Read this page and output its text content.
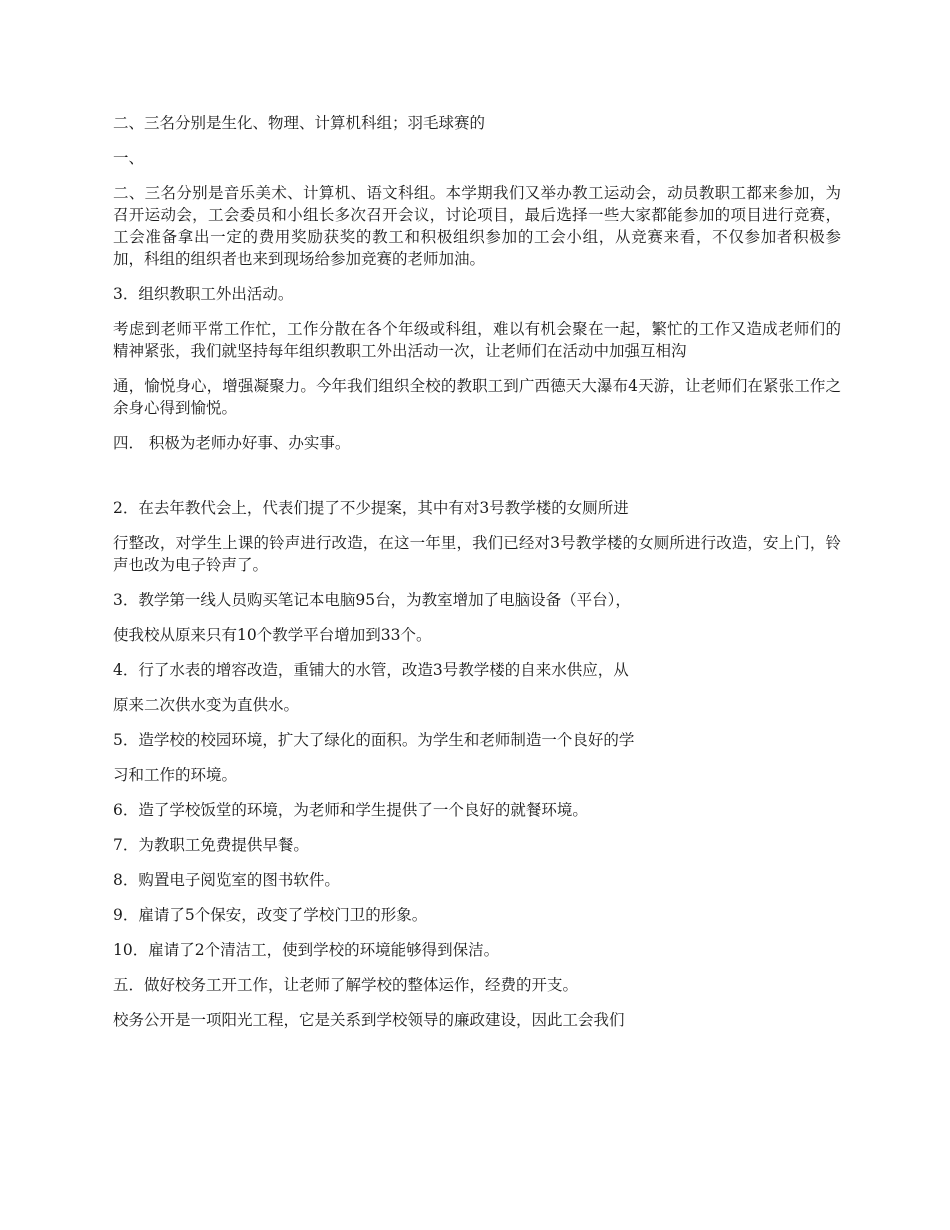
二、三名分别是生化、物理、计算机科组；羽毛球赛的

一、

二、三名分别是音乐美术、计算机、语文科组。本学期我们又举办教工运动会，动员教职工都来参加，为召开运动会，工会委员和小组长多次召开会议，讨论项目，最后选择一些大家都能参加的项目进行竞赛，工会准备拿出一定的费用奖励获奖的教工和积极组织参加的工会小组，从竞赛来看，不仅参加者积极参加，科组的组织者也来到现场给参加竞赛的老师加油。

3．组织教职工外出活动。

考虑到老师平常工作忙，工作分散在各个年级或科组，难以有机会聚在一起，繁忙的工作又造成老师们的精神紧张，我们就坚持每年组织教职工外出活动一次，让老师们在活动中加强互相沟

通，愉悦身心，增强凝聚力。今年我们组织全校的教职工到广西德天大瀑布4天游，让老师们在紧张工作之余身心得到愉悦。

四． 积极为老师办好事、办实事。

2．在去年教代会上，代表们提了不少提案，其中有对3号教学楼的女厕所进

行整改，对学生上课的铃声进行改造，在这一年里，我们已经对3号教学楼的女厕所进行改造，安上门，铃声也改为电子铃声了。

3．教学第一线人员购买笔记本电脑95台，为教室增加了电脑设备（平台），

使我校从原来只有10个教学平台增加到33个。

4．行了水表的增容改造，重铺大的水管，改造3号教学楼的自来水供应，从

原来二次供水变为直供水。

5．造学校的校园环境，扩大了绿化的面积。为学生和老师制造一个良好的学

习和工作的环境。

6．造了学校饭堂的环境，为老师和学生提供了一个良好的就餐环境。

7．为教职工免费提供早餐。

8．购置电子阅览室的图书软件。

9．雇请了5个保安，改变了学校门卫的形象。

10．雇请了2个清洁工，使到学校的环境能够得到保洁。

五．做好校务工开工作，让老师了解学校的整体运作，经费的开支。

校务公开是一项阳光工程，它是关系到学校领导的廉政建设，因此工会我们
